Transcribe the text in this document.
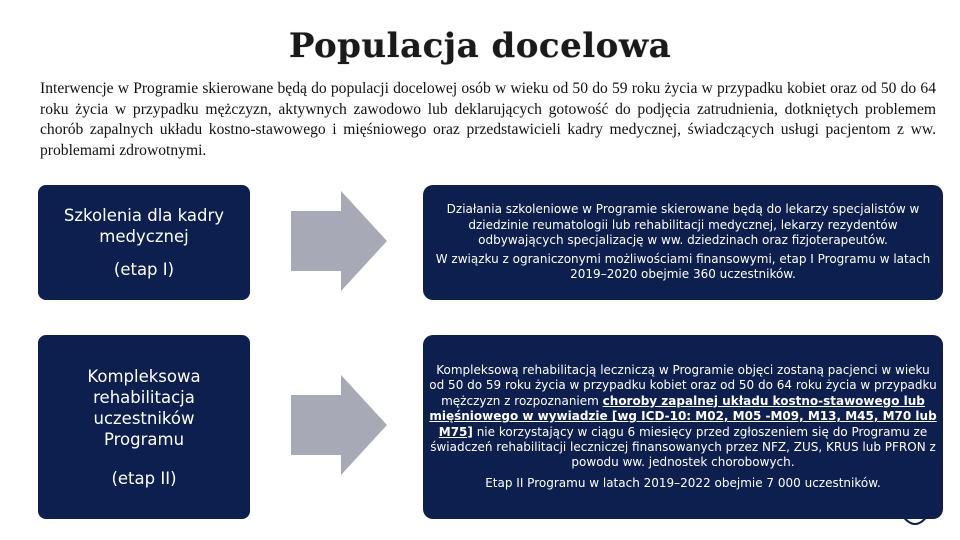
Populacja docelowa
Interwencje w Programie skierowane będą do populacji docelowej osób w wieku od 50 do 59 roku życia w przypadku kobiet oraz od 50 do 64 roku życia w przypadku mężczyzn, aktywnych zawodowo lub deklarujących gotowość do podjęcia zatrudnienia, dotkniętych problemem chorób zapalnych układu kostno-stawowego i mięśniowego oraz przedstawicieli kadry medycznej, świadczących usługi pacjentom z ww. problemami zdrowotnymi.
Szkolenia dla kadry medycznej
(etap I)

Działania szkoleniowe w Programie skierowane będą do lekarzy specjalistów w dziedzinie reumatologii lub rehabilitacji medycznej, lekarzy rezydentów odbywających specjalizację w ww. dziedzinach oraz fizjoterapeutów.

W związku z ograniczonymi możliwościami finansowymi, etap I Programu w latach 2019–2020 obejmie 360 uczestników.

Kompleksowa rehabilitacja uczestników Programu
(etap II)

Kompleksową rehabilitacją leczniczą w Programie objęci zostaną pacjenci w wieku od 50 do 59 roku życia w przypadku kobiet oraz od 50 do 64 roku życia w przypadku mężczyzn z rozpoznaniem choroby zapalnej układu kostno-stawowego lub mięśniowego w wywiadzie [wg ICD-10: M02, M05 -M09, M13, M45, M70 lub M75] nie korzystający w ciągu 6 miesięcy przed zgłoszeniem się do Programu ze świadczeń rehabilitacji leczniczej finansowanych przez NFZ, ZUS, KRUS lub PFRON z powodu ww. jednostek chorobowych.

Etap II Programu w latach 2019–2022 obejmie 7 000 uczestników.
